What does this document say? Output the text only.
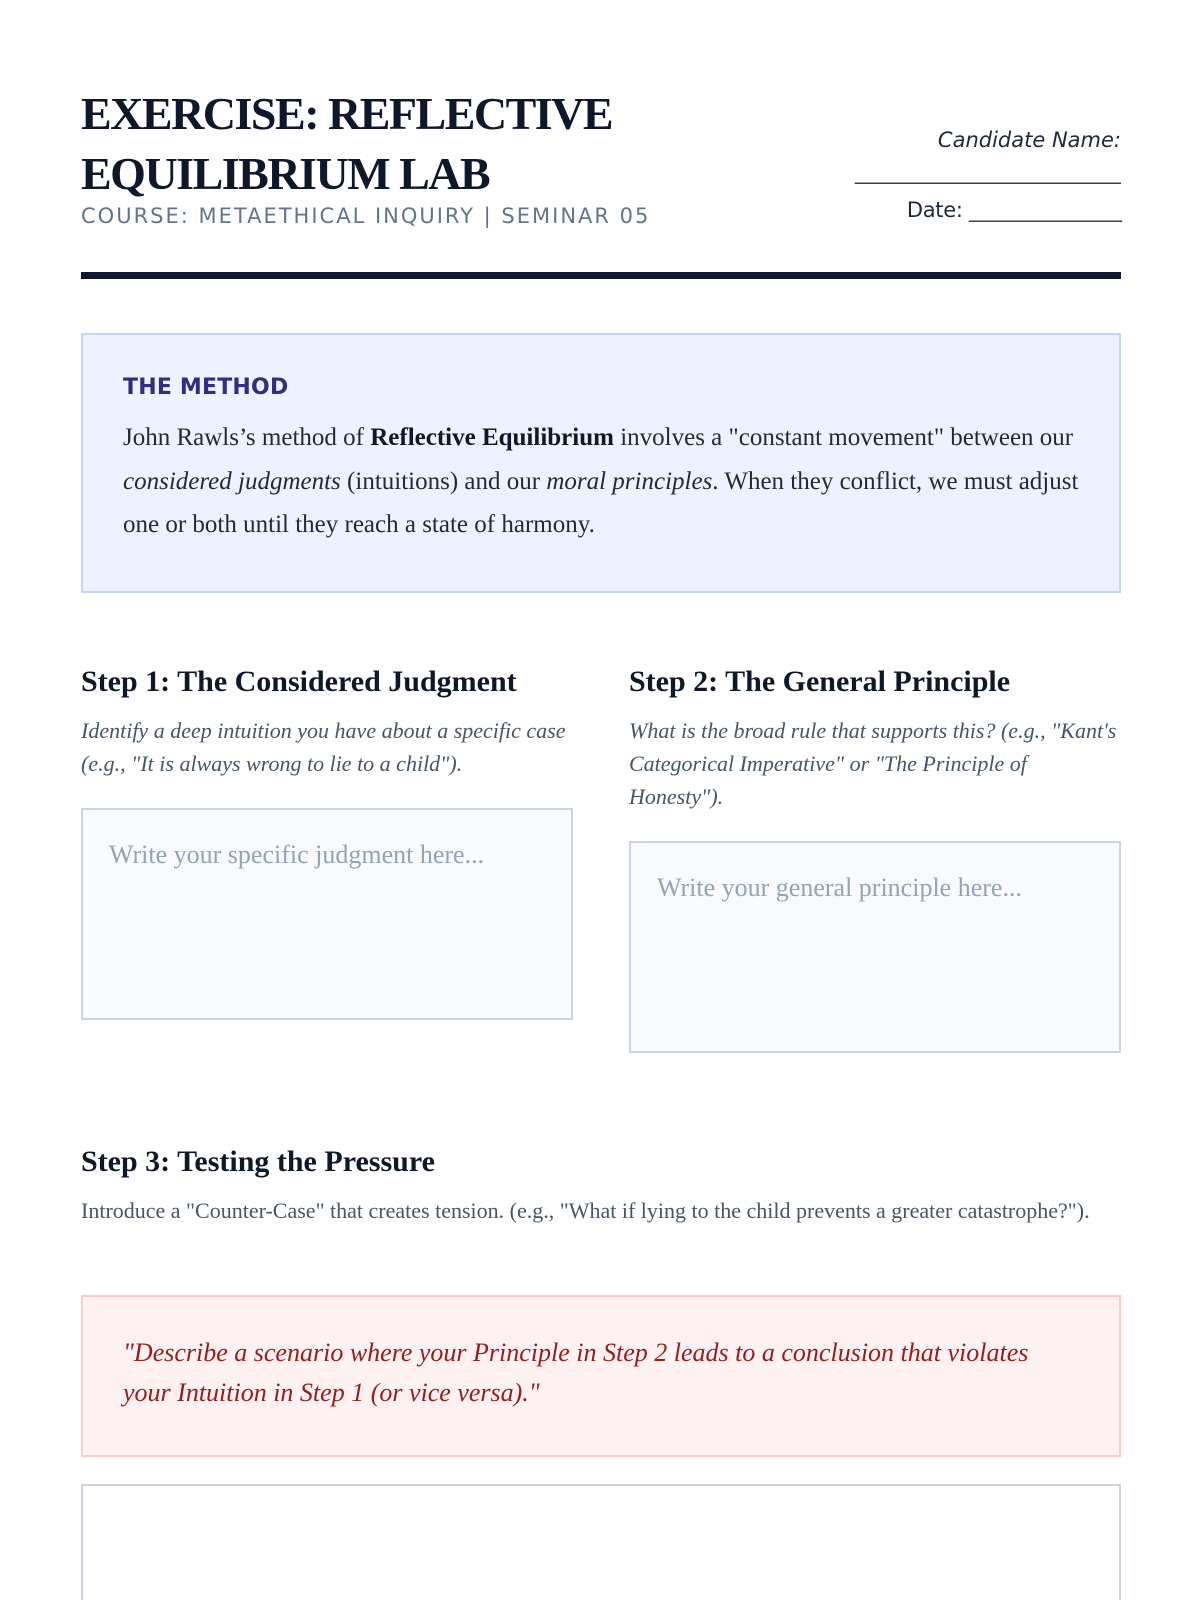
EXERCISE: REFLECTIVE
EQUILIBRIUM LAB
COURSE: METAETHICAL INQUIRY | SEMINAR 05
Candidate Name:
____________________________
Date: ________________
THE METHOD

John Rawls’s method of Reflective Equilibrium involves a "constant movement" between our considered judgments (intuitions) and our moral principles. When they conflict, we must adjust one or both until they reach a state of harmony.

Step 1: The Considered Judgment

Identify a deep intuition you have about a specific case (e.g., "It is always wrong to lie to a child").

Write your specific judgment here...
Step 2: The General Principle

What is the broad rule that supports this? (e.g., "Kant's Categorical Imperative" or "The Principle of Honesty").

Write your general principle here...
Step 3: Testing the Pressure

Introduce a "Counter-Case" that creates tension. (e.g., "What if lying to the child prevents a greater catastrophe?").

"Describe a scenario where your Principle in Step 2 leads to a conclusion that violates your Intuition in Step 1 (or vice versa)."
